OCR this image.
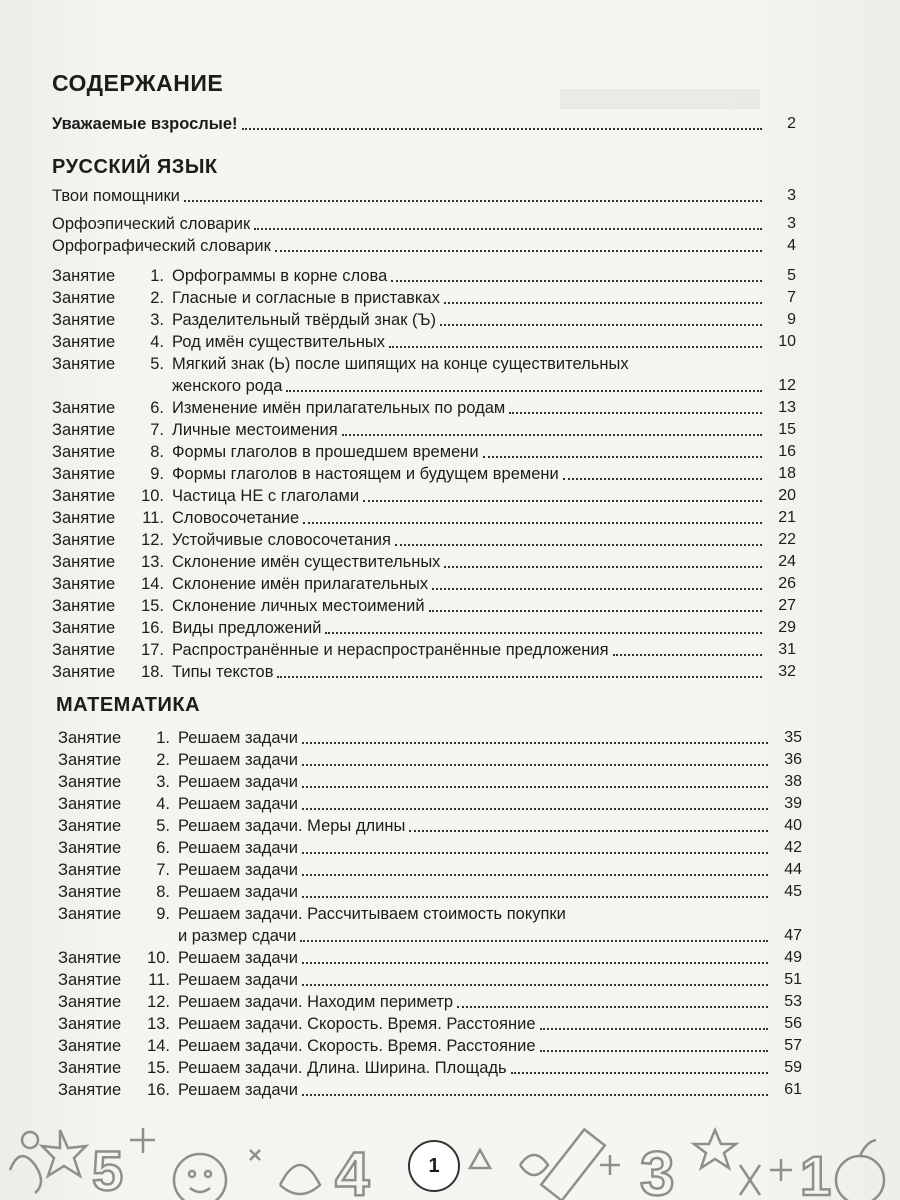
СОДЕРЖАНИЕ
Уважаемые взрослые!	2
РУССКИЙ ЯЗЫК
Твои помощники	3
Орфоэпический словарик	3
Орфографический словарик	4
Занятие	1. Орфограммы в корне слова	5
Занятие	2. Гласные и согласные в приставках	7
Занятие	3. Разделительный твёрдый знак (Ъ)	9
Занятие	4. Род имён существительных	10
Занятие	5. Мягкий знак (Ь) после шипящих на конце существительных
женского рода	12
Занятие	6. Изменение имён прилагательных по родам	13
Занятие	7. Личные местоимения	15
Занятие	8. Формы глаголов в прошедшем времени	16
Занятие	9. Формы глаголов в настоящем и будущем времени	18
Занятие	10. Частица НЕ с глаголами	20
Занятие	11. Словосочетание	21
Занятие	12. Устойчивые словосочетания	22
Занятие	13. Склонение имён существительных	24
Занятие	14. Склонение имён прилагательных	26
Занятие	15. Склонение личных местоимений	27
Занятие	16. Виды предложений	29
Занятие	17. Распространённые и нераспространённые предложения	31
Занятие	18. Типы текстов	32
МАТЕМАТИКА
Занятие	1. Решаем задачи	35
Занятие	2. Решаем задачи	36
Занятие	3. Решаем задачи	38
Занятие	4. Решаем задачи	39
Занятие	5. Решаем задачи. Меры длины	40
Занятие	6. Решаем задачи	42
Занятие	7. Решаем задачи	44
Занятие	8. Решаем задачи	45
Занятие	9. Решаем задачи. Рассчитываем стоимость покупки
и размер сдачи	47
Занятие	10. Решаем задачи	49
Занятие	11. Решаем задачи	51
Занятие	12. Решаем задачи. Находим периметр	53
Занятие	13. Решаем задачи. Скорость. Время. Расстояние	56
Занятие	14. Решаем задачи. Скорость. Время. Расстояние	57
Занятие	15. Решаем задачи. Длина. Ширина. Площадь	59
Занятие	16. Решаем задачи	61
5	4	3 1
1
